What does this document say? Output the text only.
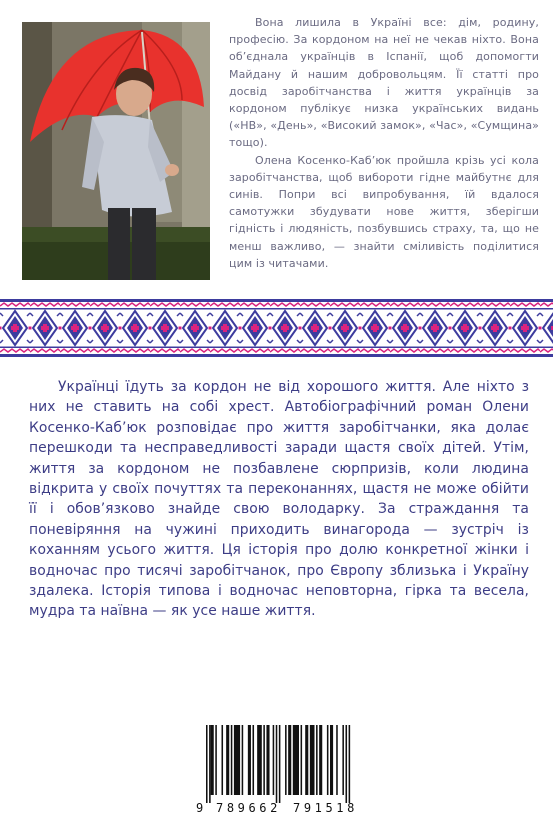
Вона лишила в Україні все: дім, родину, професію. За кордоном на неї не чекав ніхто. Вона об’єднала українців в Іспанії, щоб допомогти Майдану й нашим добровольцям. Її статті про досвід заробітчанства і життя українців за кордоном публікує низка українських видань («НВ», «День», «Високий замок», «Час», «Сумщина» тощо).

Олена Косенко-Каб’юк пройшла крізь усі кола заробітчанства, щоб вибороти гідне майбутнє для синів. Попри всі випробування, їй вдалося самотужки збудувати нове життя, зберігши гідність і людяність, позбувшись страху, та, що не менш важливо, — знайти сміливість поділитися цим із читачами.

Українці їдуть за кордон не від хорошого життя. Але ніхто з них не ставить на собі хрест. Автобіографічний роман Олени Косенко-Каб’юк розповідає про життя заробітчанки, яка долає перешкоди та несправедливості заради щастя своїх дітей. Утім, життя за кордоном не позбавлене сюрпризів, коли людина відкрита у своїх почуттях та переконаннях, щастя не може обійти її і обов’язково знайде свою володарку. За страждання та поневіряння на чужині приходить винагорода — зустріч із коханням усього життя. Ця історія про долю конкретної жінки і водночас про тисячі заробітчанок, про Європу зблизька і Україну здалека. Історія типова і водночас неповторна, гірка та весела, мудра та наївна — як усе наше життя.

9 789662 791518
